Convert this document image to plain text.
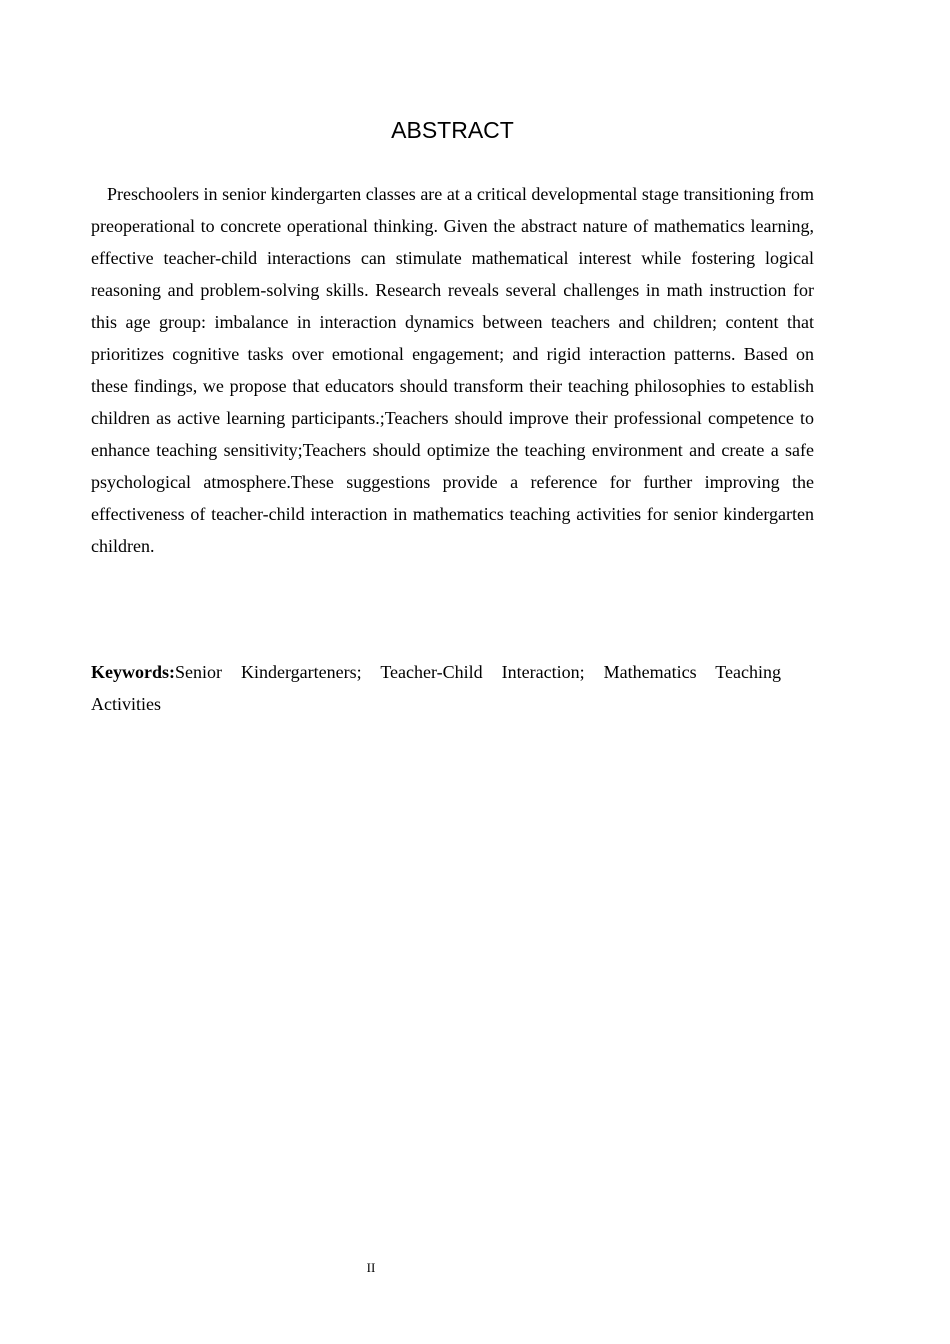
ABSTRACT

Preschoolers in senior kindergarten classes are at a critical developmental stage transitioning from preoperational to concrete operational thinking. Given the abstract nature of mathematics learning, effective teacher-child interactions can stimulate mathematical interest while fostering logical reasoning and problem-solving skills. Research reveals several challenges in math instruction for this age group: imbalance in interaction dynamics between teachers and children; content that prioritizes cognitive tasks over emotional engagement; and rigid interaction patterns. Based on these findings, we propose that educators should transform their teaching philosophies to establish children as active learning participants.;Teachers should improve their professional competence to enhance teaching sensitivity;Teachers should optimize the teaching environment and create a safe psychological atmosphere.These suggestions provide a reference for further improving the effectiveness of teacher-child interaction in mathematics teaching activities for senior kindergarten children.

Keywords:Senior Kindergarteners; Teacher-Child Interaction; Mathematics Teaching Activities

II
